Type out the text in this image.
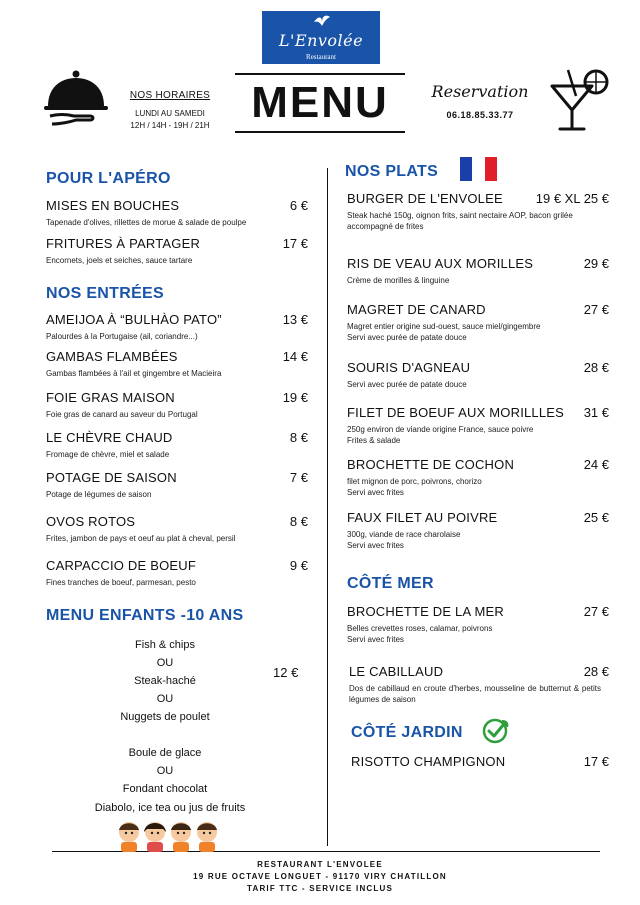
L'Envolée
Restaurant
NOS HORAIRES
LUNDI AU SAMEDI
12H / 14H - 19H / 21H MENU	Reservation
06.18.85.33.77
POUR L'APÉRO
MISES EN BOUCHES	6 €
Tapenade d'olives, rillettes de morue & salade de poulpe
FRITURES À PARTAGER	17 €
Encornets, joels et seiches, sauce tartare
NOS ENTRÉES
AMEIJOA À “BULHÀO PATO”	13 €
Palourdes à la Portugaise (ail, coriandre...)
GAMBAS FLAMBÉES	14 €
Gambas flambées à l'ail et gingembre et Macieira
FOIE GRAS MAISON	19 €
Foie gras de canard au saveur du Portugal
LE CHÈVRE CHAUD	8 €
Fromage de chèvre, miel et salade
POTAGE DE SAISON	7 €
Potage de légumes de saison
OVOS ROTOS	8 €
Frites, jambon de pays et oeuf au plat à cheval, persil
CARPACCIO DE BOEUF	9 €
Fines tranches de boeuf, parmesan, pesto
MENU ENFANTS -10 ANS
Fish & chips
OU
Steak-haché
OU
Nuggets de poulet
Boule de glace
OU
Fondant chocolat
12 €
Diabolo, ice tea ou jus de fruits
NOS PLATS
BURGER DE L'ENVOLEE	19 € XL 25 €
Steak haché 150g, oignon frits, saint nectaire AOP, bacon grilée accompagné de frites
RIS DE VEAU AUX MORILLES	29 €
Crème de morilles & linguine
MAGRET DE CANARD	27 €
Magret entier origine sud-ouest, sauce miel/gingembre
Servi avec purée de patate douce
SOURIS D'AGNEAU	28 €
Servi avec purée de patate douce
FILET DE BOEUF AUX MORILLLES	31 €
250g environ de viande origine France, sauce poivre
Frites & salade
BROCHETTE DE COCHON	24 €
filet mignon de porc, poivrons, chorizo
Servi avec frites
FAUX FILET AU POIVRE	25 €
300g, viande de race charolaise
Servi avec frites
CÔTÉ MER
BROCHETTE DE LA MER	27 €
Belles crevettes roses, calamar, poivrons
Servi avec frites
LE CABILLAUD	28 €
Dos de cabillaud en croute d'herbes, mousseline de butternut & petits légumes de saison
CÔTÉ JARDIN
RISOTTO CHAMPIGNON	17 €
RESTAURANT L'ENVOLEE
19 RUE OCTAVE LONGUET - 91170 VIRY CHATILLON
TARIF TTC - SERVICE INCLUS
